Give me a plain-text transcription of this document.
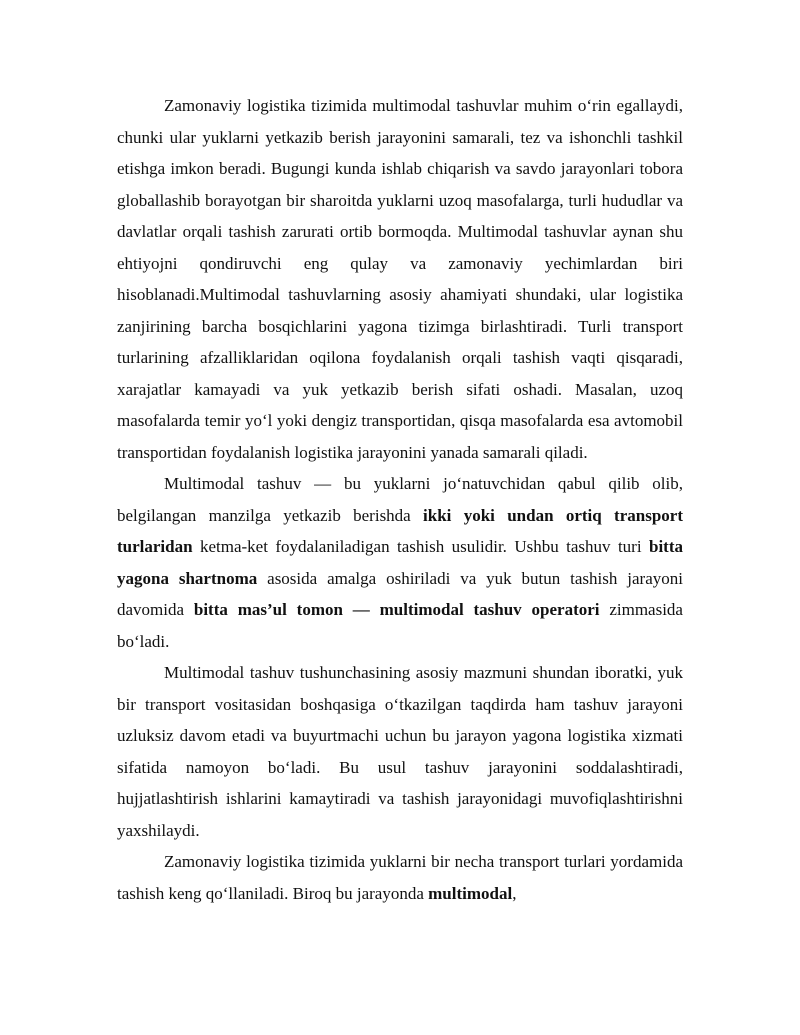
Zamonaviy logistika tizimida multimodal tashuvlar muhim o‘rin egallaydi, chunki ular yuklarni yetkazib berish jarayonini samarali, tez va ishonchli tashkil etishga imkon beradi. Bugungi kunda ishlab chiqarish va savdo jarayonlari tobora globallashib borayotgan bir sharoitda yuklarni uzoq masofalarga, turli hududlar va davlatlar orqali tashish zarurati ortib bormoqda. Multimodal tashuvlar aynan shu ehtiyojni qondiruvchi eng qulay va zamonaviy yechimlardan biri hisoblanadi.Multimodal tashuvlarning asosiy ahamiyati shundaki, ular logistika zanjirining barcha bosqichlarini yagona tizimga birlashtiradi. Turli transport turlarining afzalliklaridan oqilona foydalanish orqali tashish vaqti qisqaradi, xarajatlar kamayadi va yuk yetkazib berish sifati oshadi. Masalan, uzoq masofalarda temir yo‘l yoki dengiz transportidan, qisqa masofalarda esa avtomobil transportidan foydalanish logistika jarayonini yanada samarali qiladi.

Multimodal tashuv — bu yuklarni jo‘natuvchidan qabul qilib olib, belgilangan manzilga yetkazib berishda ikki yoki undan ortiq transport turlaridan ketma-ket foydalaniladigan tashish usulidir. Ushbu tashuv turi bitta yagona shartnoma asosida amalga oshiriladi va yuk butun tashish jarayoni davomida bitta mas’ul tomon — multimodal tashuv operatori zimmasida bo‘ladi.

Multimodal tashuv tushunchasining asosiy mazmuni shundan iboratki, yuk bir transport vositasidan boshqasiga o‘tkazilgan taqdirda ham tashuv jarayoni uzluksiz davom etadi va buyurtmachi uchun bu jarayon yagona logistika xizmati sifatida namoyon bo‘ladi. Bu usul tashuv jarayonini soddalashtiradi, hujjatlashtirish ishlarini kamaytiradi va tashish jarayonidagi muvofiqlashtirishni yaxshilaydi.

Zamonaviy logistika tizimida yuklarni bir necha transport turlari yordamida tashish keng qo‘llaniladi. Biroq bu jarayonda multimodal,
